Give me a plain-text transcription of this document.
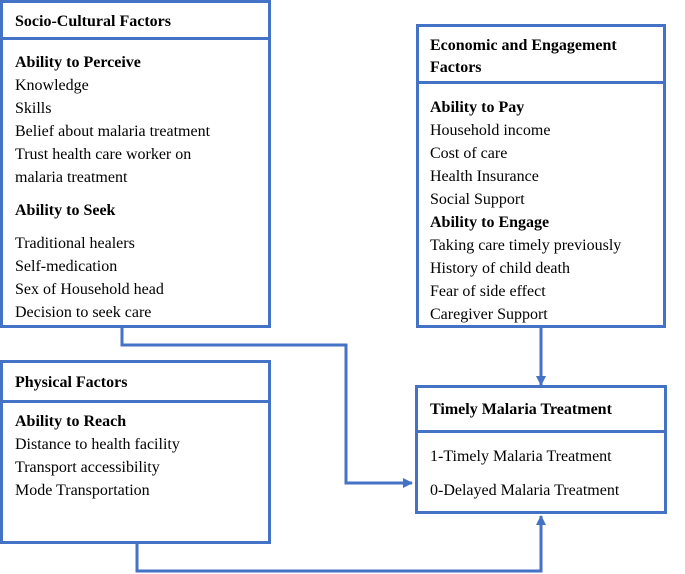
Socio-Cultural Factors
Ability to Perceive
Knowledge
Skills
Belief about malaria treatment
Trust health care worker on
malaria treatment
Ability to Seek
Traditional healers
Self-medication
Sex of Household head
Decision to seek care
Economic and Engagement
Factors
Ability to Pay
Household income
Cost of care
Health Insurance
Social Support
Ability to Engage
Taking care timely previously
History of child death
Fear of side effect
Caregiver Support
Physical Factors
Ability to Reach
Distance to health facility
Transport accessibility
Mode Transportation
Timely Malaria Treatment
1-Timely Malaria Treatment
0-Delayed Malaria Treatment
